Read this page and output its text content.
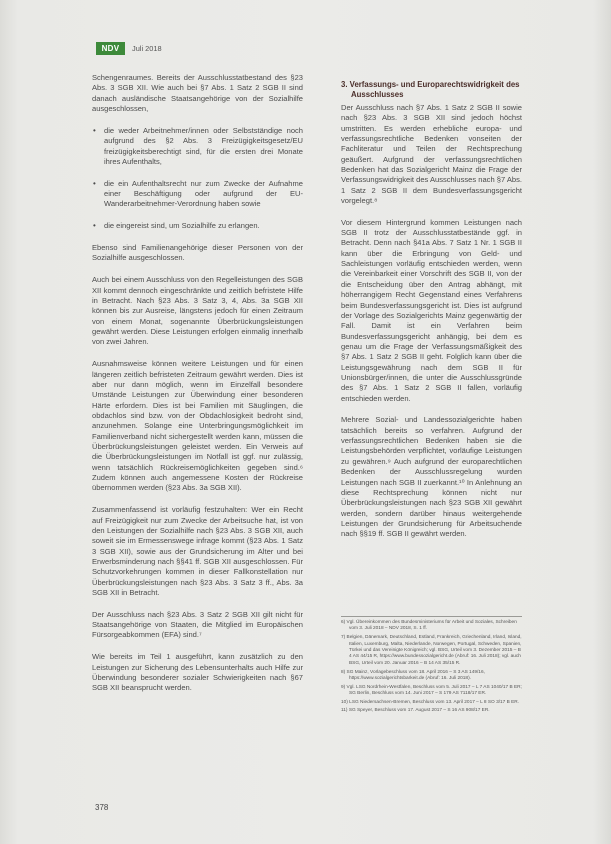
NDV	Juli 2018

Schengenraumes. Bereits der Ausschlusstatbestand des §23 Abs. 3 SGB XII. Wie auch bei §7 Abs. 1 Satz 2 SGB II sind danach ausländische Staatsangehörige von der Sozialhilfe ausgeschlossen,

• die weder Arbeitnehmer/innen oder Selbstständige noch aufgrund des §2 Abs. 3 Freizügigkeitsgesetz/EU freizügigkeitsberechtigt sind, für die ersten drei Monate ihres Aufenthalts,
• die ein Aufenthaltsrecht nur zum Zwecke der Aufnahme einer Beschäftigung oder aufgrund der EU-Wanderarbeitnehmer-Verordnung haben sowie
• die eingereist sind, um Sozialhilfe zu erlangen.

Ebenso sind Familienangehörige dieser Personen von der Sozialhilfe ausgeschlossen.

Auch bei einem Ausschluss von den Regelleistungen des SGB XII kommt dennoch eingeschränkte und zeitlich befristete Hilfe in Betracht. Nach §23 Abs. 3 Satz 3, 4, Abs. 3a SGB XII können bis zur Ausreise, längstens jedoch für einen Zeitraum von einem Monat, sogenannte Überbrückungsleistungen gewährt werden. Diese Leistungen erfolgen einmalig innerhalb von zwei Jahren.

Ausnahmsweise können weitere Leistungen und für einen längeren zeitlich befristeten Zeitraum gewährt werden. Dies ist aber nur dann möglich, wenn im Einzelfall besondere Umstände Leistungen zur Überwindung einer besonderen Härte erfordern. Dies ist bei Familien mit Säuglingen, die obdachlos sind bzw. von der Obdachlosigkeit bedroht sind, anzunehmen. Solange eine Unterbringungsmöglichkeit im Familienverband nicht sichergestellt werden kann, müssen die Überbrückungsleistungen geleistet werden. Ein Verweis auf die Überbrückungsleistungen im Notfall ist ggf. nur zulässig, wenn tatsächlich Rückreisemöglichkeiten gegeben sind.⁶ Zudem können auch angemessene Kosten der Rückreise übernommen werden (§23 Abs. 3a SGB XII).

Zusammenfassend ist vorläufig festzuhalten: Wer ein Recht auf Freizügigkeit nur zum Zwecke der Arbeitsuche hat, ist von den Leistungen der Sozialhilfe nach §23 Abs. 3 SGB XII, auch soweit sie im Ermessenswege infrage kommt (§23 Abs. 1 Satz 3 SGB XII), sowie aus der Grundsicherung im Alter und bei Erwerbsminderung nach §§41 ff. SGB XII ausgeschlossen. Für Schutzvorkehrungen kommen in dieser Fallkonstellation nur Überbrückungsleistungen nach §23 Abs. 3 Satz 3 ff., Abs. 3a SGB XII in Betracht.

Der Ausschluss nach §23 Abs. 3 Satz 2 SGB XII gilt nicht für Staatsangehörige von Staaten, die Mitglied im Europäischen Fürsorgeabkommen (EFA) sind.⁷

Wie bereits im Teil 1 ausgeführt, kann zusätzlich zu den Leistungen zur Sicherung des Lebensunterhalts auch Hilfe zur Überwindung besonderer sozialer Schwierigkeiten nach §67 SGB XII beansprucht werden.

3. Verfassungs- und Europarechtswidrigkeit des Ausschlusses

Der Ausschluss nach §7 Abs. 1 Satz 2 SGB II sowie nach §23 Abs. 3 SGB XII sind jedoch höchst umstritten. Es werden erhebliche europa- und verfassungsrechtliche Bedenken vonseiten der Fachliteratur und Teilen der Rechtsprechung geäußert. Aufgrund der verfassungsrechtlichen Bedenken hat das Sozialgericht Mainz die Frage der Verfassungswidrigkeit des Ausschlusses nach §7 Abs. 1 Satz 2 SGB II dem Bundesverfassungsgericht vorgelegt.⁸

Vor diesem Hintergrund kommen Leistungen nach SGB II trotz der Ausschlusstatbestände ggf. in Betracht. Denn nach §41a Abs. 7 Satz 1 Nr. 1 SGB II kann über die Erbringung von Geld- und Sachleistungen vorläufig entschieden werden, wenn die Vereinbarkeit einer Vorschrift des SGB II, von der die Entscheidung über den Antrag abhängt, mit höherrangigem Recht Gegenstand eines Verfahrens beim Bundesverfassungsgericht ist. Dies ist aufgrund der Vorlage des Sozialgerichts Mainz gegenwärtig der Fall. Damit ist ein Verfahren beim Bundesverfassungsgericht anhängig, bei dem es genau um die Frage der Verfassungsmäßigkeit des §7 Abs. 1 Satz 2 SGB II geht. Folglich kann über die Leistungsgewährung nach dem SGB II für Unionsbürger/innen, die unter die Ausschlussgründe des §7 Abs. 1 Satz 2 SGB II fallen, vorläufig entschieden werden.

Mehrere Sozial- und Landessozialgerichte haben tatsächlich bereits so verfahren. Aufgrund der verfassungsrechtlichen Bedenken haben sie die Leistungsbehörden verpflichtet, vorläufige Leistungen zu gewähren.⁹ Auch aufgrund der europarechtlichen Bedenken der Ausschlussregelung wurden Leistungen nach SGB II zuerkannt.¹⁰ In Anlehnung an diese Rechtsprechung können nicht nur Überbrückungsleistungen nach §23 SGB XII gewährt werden, sondern darüber hinaus weitergehende Leistungen der Grundsicherung für Arbeitsuchende nach §§19 ff. SGB II gewährt werden.

6) Vgl. Übereinkommen des Bundesministeriums für Arbeit und Soziales, Schreiben vom 3. Juli 2018 – NDV 2018, S. 1 ff.

7) Belgien, Dänemark, Deutschland, Estland, Frankreich, Griechenland, Irland, Island, Italien, Luxemburg, Malta, Niederlande, Norwegen, Portugal, Schweden, Spanien, Türkei und das Vereinigte Königreich; vgl. BSG, Urteil vom 3. Dezember 2015 – B 4 AS 44/15 R, https://www.bundessozialgericht.de (Abruf: 16. Juli 2018); vgl. auch BSG, Urteil vom 20. Januar 2016 – B 14 AS 35/15 R.

8) SG Mainz, Vorlagebeschluss vom 18. April 2016 – S 3 AS 149/16, https://www.sozialgerichtsbarkeit.de (Abruf: 16. Juli 2018).

9) Vgl. LSG Nordrhein-Westfalen, Beschluss vom 5. Juli 2017 – L 7 AS 1040/17 B ER; SG Berlin, Beschluss vom 14. Juni 2017 – S 179 AS 7118/17 ER.

10) LSG Niedersachsen-Bremen, Beschluss vom 13. April 2017 – L 8 SO 3/17 B ER.

11) SG Speyer, Beschluss vom 17. August 2017 – S 16 AS 908/17 ER.

378
